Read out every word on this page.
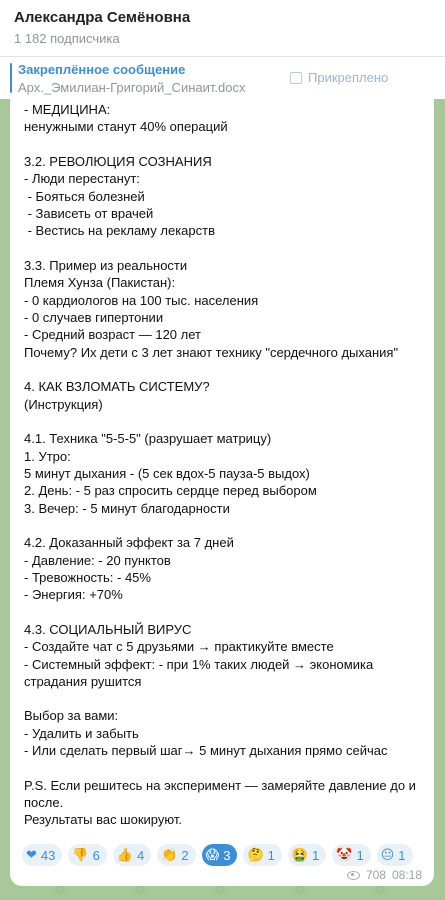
Александра Семёновна
1 182 подписчика
Закреплённое сообщение
Арх._Эмилиан-Григорий_Синаит.docx
Прикреплено
- МЕДИЦИНА:
ненужными станут 40% операций
3.2. РЕВОЛЮЦИЯ СОЗНАНИЯ
- Люди перестанут:
- Бояться болезней
- Зависеть от врачей
- Вестись на рекламу лекарств
3.3. Пример из реальности
Племя Хунза (Пакистан):
- 0 кардиологов на 100 тыс. населения
- 0 случаев гипертонии
- Средний возраст — 120 лет
Почему? Их дети с 3 лет знают технику "сердечного дыхания"
4. КАК ВЗЛОМАТЬ СИСТЕМУ?
(Инструкция)
4.1. Техника "5-5-5" (разрушает матрицу)
1. Утро:
5 минут дыхания - (5 сек вдох-5 пауза-5 выдох)
2. День: - 5 раз спросить сердце перед выбором
3. Вечер: - 5 минут благодарности
4.2. Доказанный эффект за 7 дней
- Давление: - 20 пунктов
- Тревожность: - 45%
- Энергия: +70%
4.3. СОЦИАЛЬНЫЙ ВИРУС
- Создайте чат с 5 друзьями → практикуйте вместе
- Системный эффект: - при 1% таких людей → экономика
страдания рушится
Выбор за вами:
- Удалить и забыть
- Или сделать первый шаг→ 5 минут дыхания прямо сейчас
P.S. Если решитесь на эксперимент — замеряйте давление до и
после.
Результаты вас шокируют.
❤ 43 👎 6 👍 4 👏 2 😱 3 🤔 1 🤮 1 🤡 1 😐 1
708 08:18
